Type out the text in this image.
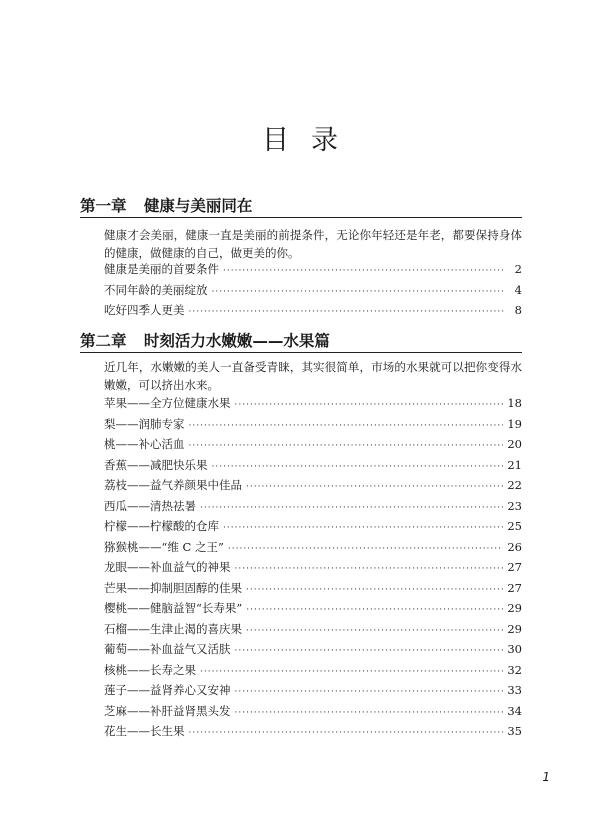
目录
第一章 健康与美丽同在
健康才会美丽，健康一直是美丽的前提条件，无论你年轻还是年老，都要保持身体的健康，做健康的自己，做更美的你。
健康是美丽的首要条件 ·····	2
不同年龄的美丽绽放 ·····	4
吃好四季人更美 ·····	8
第二章 时刻活力水嫩嫩——水果篇
近几年，水嫩嫩的美人一直备受青睐，其实很简单，市场的水果就可以把你变得水嫩嫩，可以挤出水来。
苹果——全方位健康水果 ·····	18
梨——润肺专家 ·····	19
桃——补心活血 ·····	20
香蕉——减肥快乐果 ·····	21
荔枝——益气养颜果中佳品 ·····	22
西瓜——清热祛暑 ·····	23
柠檬——柠檬酸的仓库 ·····	25
猕猴桃——“维 C 之王” ·····	26
龙眼——补血益气的神果 ·····	27
芒果——抑制胆固醇的佳果 ·····	27
樱桃——健脑益智“长寿果” ·····	29
石榴——生津止渴的喜庆果 ·····	29
葡萄——补血益气又活肤 ·····	30
核桃——长寿之果 ·····	32
莲子——益肾养心又安神 ·····	33
芝麻——补肝益肾黑头发 ·····	34
花生——长生果 ·····	35
1
